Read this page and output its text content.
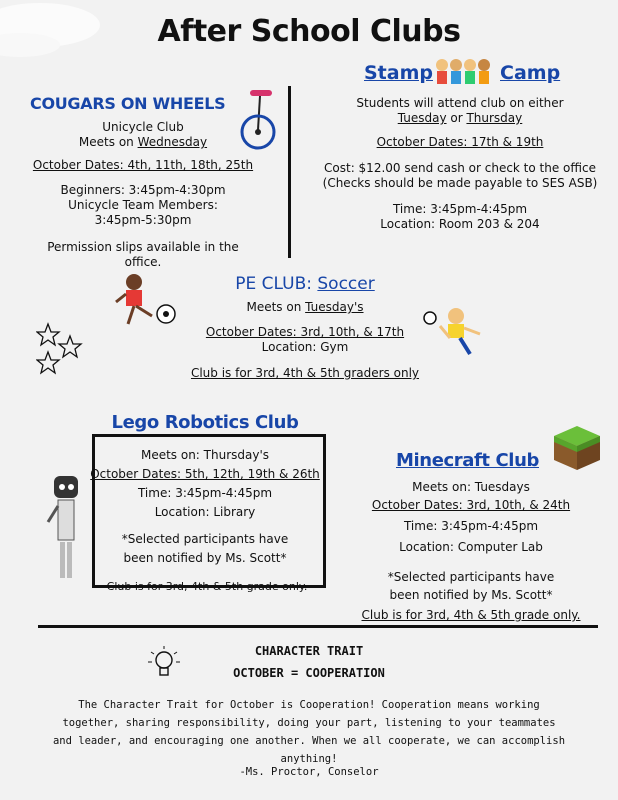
After School Clubs
COUGARS ON WHEELS
Unicycle Club
Meets on Wednesday
October Dates: 4th, 11th, 18th, 25th
Beginners: 3:45pm-4:30pm
Unicycle Team Members:
3:45pm-5:30pm
Permission slips available in the office.
Stamp	Camp
Students will attend club on either
Tuesday or Thursday
October Dates: 17th & 19th
Cost: $12.00 send cash or check to the office
(Checks should be made payable to SES ASB)
Time: 3:45pm-4:45pm
Location: Room 203 & 204
PE CLUB: Soccer
Meets on Tuesday's
October Dates: 3rd, 10th, & 17th
Location: Gym
Club is for 3rd, 4th & 5th graders only
Lego Robotics Club
Meets on: Thursday's
October Dates: 5th, 12th, 19th & 26th
Time: 3:45pm-4:45pm
Location: Library
*Selected participants have
been notified by Ms. Scott*
Club is for 3rd, 4th & 5th grade only.
Minecraft Club
Meets on: Tuesdays
October Dates: 3rd, 10th, & 24th
Time: 3:45pm-4:45pm
Location: Computer Lab
*Selected participants have
been notified by Ms. Scott*
Club is for 3rd, 4th & 5th grade only.
CHARACTER TRAIT
OCTOBER = COOPERATION
The Character Trait for October is Cooperation! Cooperation means working together, sharing responsibility, doing your part, listening to your teammates and leader, and encouraging one another. When we all cooperate, we can accomplish anything!
-Ms. Proctor, Conselor
